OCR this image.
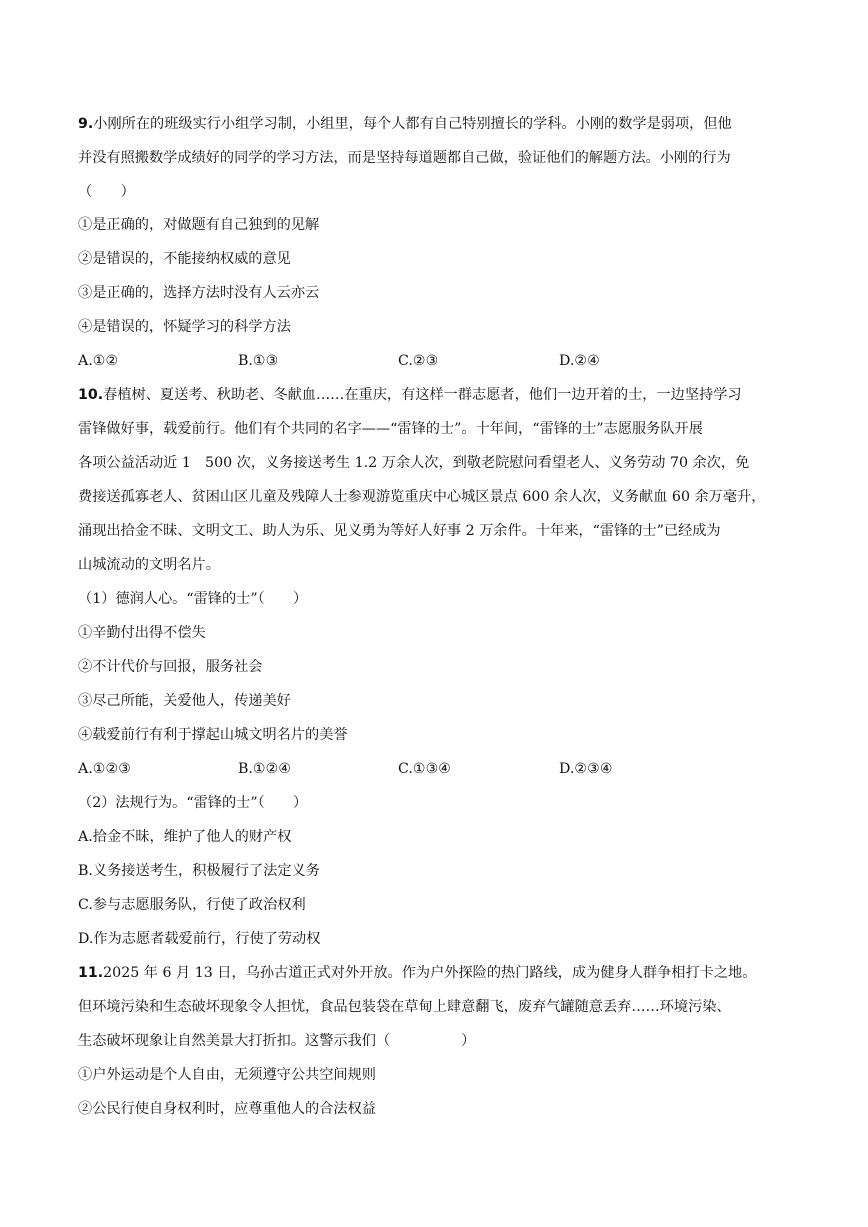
9.小刚所在的班级实行小组学习制，小组里，每个人都有自己特别擅长的学科。小刚的数学是弱项，但他
并没有照搬数学成绩好的同学的学习方法，而是坚持每道题都自己做，验证他们的解题方法。小刚的行为
（　　）
①是正确的，对做题有自己独到的见解
②是错误的，不能接纳权威的意见
③是正确的，选择方法时没有人云亦云
④是错误的，怀疑学习的科学方法
A.①②	B.①③	C.②③	D.②④
10.春植树、夏送考、秋助老、冬献血……在重庆，有这样一群志愿者，他们一边开着的士，一边坚持学习
雷锋做好事，载爱前行。他们有个共同的名字——“雷锋的士”。十年间，“雷锋的士”志愿服务队开展
各项公益活动近 1　500 次，义务接送考生 1.2 万余人次，到敬老院慰问看望老人、义务劳动 70 余次，免
费接送孤寡老人、贫困山区儿童及残障人士参观游览重庆中心城区景点 600 余人次，义务献血 60 余万毫升，
涌现出拾金不昧、文明文工、助人为乐、见义勇为等好人好事 2 万余件。十年来，“雷锋的士”已经成为
山城流动的文明名片。
（1）德润人心。“雷锋的士”（　　）
①辛勤付出得不偿失
②不计代价与回报，服务社会
③尽己所能，关爱他人，传递美好
④载爱前行有利于撑起山城文明名片的美誉
A.①②③	B.①②④	C.①③④	D.②③④
（2）法规行为。“雷锋的士”（　　）
A.拾金不昧，维护了他人的财产权
B.义务接送考生，积极履行了法定义务
C.参与志愿服务队，行使了政治权利
D.作为志愿者载爱前行，行使了劳动权
11.2025 年 6 月 13 日，乌孙古道正式对外开放。作为户外探险的热门路线，成为健身人群争相打卡之地。
但环境污染和生态破坏现象令人担忧，食品包装袋在草甸上肆意翻飞，废弃气罐随意丢弃……环境污染、
生态破坏现象让自然美景大打折扣。这警示我们（　　　　　）
①户外运动是个人自由，无须遵守公共空间规则
②公民行使自身权利时，应尊重他人的合法权益
